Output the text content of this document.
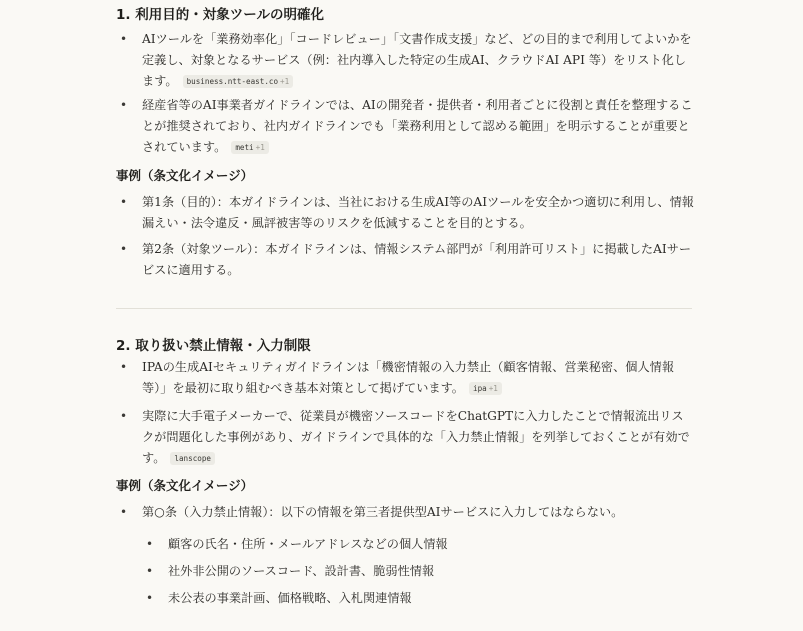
1. 利用目的・対象ツールの明確化
• AIツールを「業務効率化」「コードレビュー」「文書作成支援」など、どの目的まで利用してよいかを定義し、対象となるサービス（例：社内導入した特定の生成AI、クラウドAI API 等）をリスト化します。 business.ntt-east.co +1
• 経産省等のAI事業者ガイドラインでは、AIの開発者・提供者・利用者ごとに役割と責任を整理することが推奨されており、社内ガイドラインでも「業務利用として認める範囲」を明示することが重要とされています。 meti +1
事例（条文化イメージ）
• 第1条（目的）：本ガイドラインは、当社における生成AI等のAIツールを安全かつ適切に利用し、情報漏えい・法令違反・風評被害等のリスクを低減することを目的とする。
• 第2条（対象ツール）：本ガイドラインは、情報システム部門が「利用許可リスト」に掲載したAIサービスに適用する。
2. 取り扱い禁止情報・入力制限
• IPAの生成AIセキュリティガイドラインは「機密情報の入力禁止（顧客情報、営業秘密、個人情報等）」を最初に取り組むべき基本対策として掲げています。 ipa +1
• 実際に大手電子メーカーで、従業員が機密ソースコードをChatGPTに入力したことで情報流出リスクが問題化した事例があり、ガイドラインで具体的な「入力禁止情報」を列挙しておくことが有効です。 lanscope
事例（条文化イメージ）
• 第○条（入力禁止情報）：以下の情報を第三者提供型AIサービスに入力してはならない。
• 顧客の氏名・住所・メールアドレスなどの個人情報
• 社外非公開のソースコード、設計書、脆弱性情報
• 未公表の事業計画、価格戦略、入札関連情報
